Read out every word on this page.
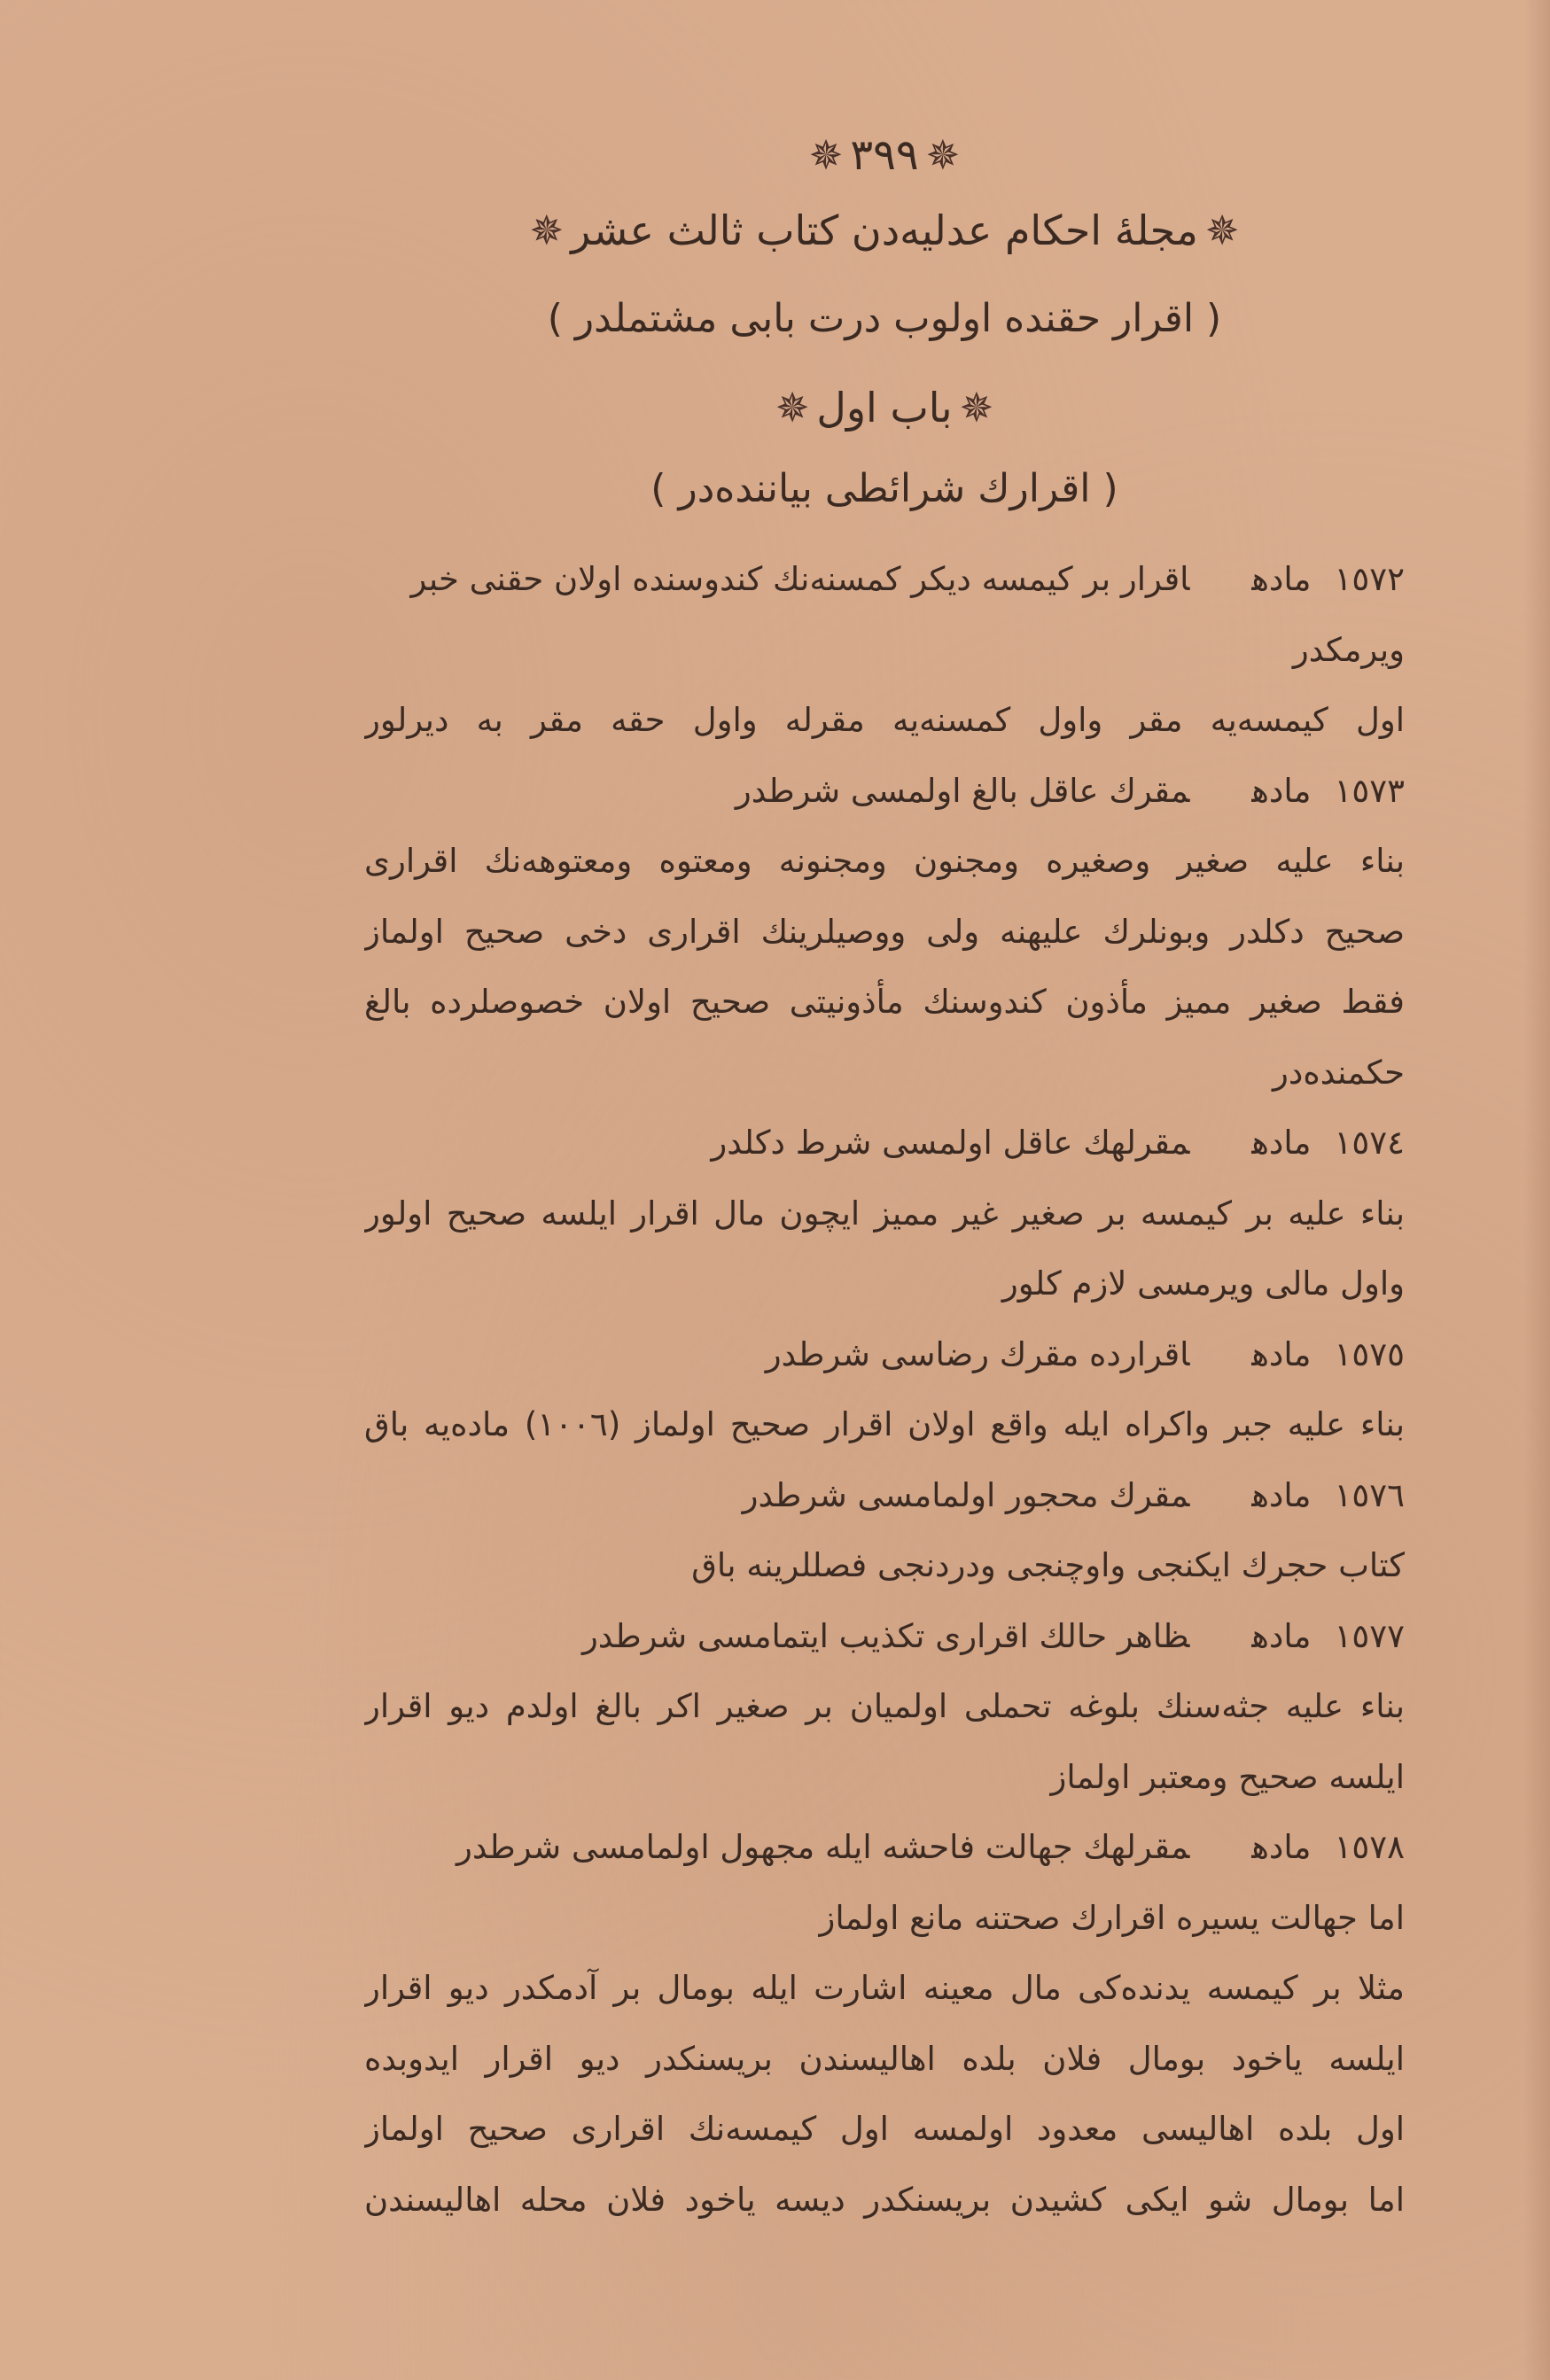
✵٣٩٩✵
✵مجلهٔ احكام عدليه‌دن كتاب ثالث عشر✵
( اقرار حقنده اولوب درت بابى مشتملدر )
✵باب اول✵
( اقرارك شرائطى بياننده‌در )
١٥٧٢مادهاقرار بر كيمسه ديكر كمسنه‌نك كندوسنده اولان حقنى خبر
ويرمكدر
اول كيمسه‌يه مقر واول كمسنه‌يه مقرله واول حقه مقر به ديرلور
١٥٧٣مادهمقرك عاقل بالغ اولمسى شرطدر
بناء عليه صغير وصغيره ومجنون ومجنونه ومعتوه ومعتوهه‌نك اقرارى
صحيح دكلدر وبونلرك عليهنه ولى ووصيلرينك اقرارى دخى صحيح اولماز
فقط صغير مميز مأذون كندوسنك مأذونيتى صحيح اولان خصوصلرده بالغ
حكمنده‌در
١٥٧٤مادهمقرلهك عاقل اولمسى شرط دكلدر
بناء عليه بر كيمسه بر صغير غير مميز ايچون مال اقرار ايلسه صحيح اولور
واول مالى ويرمسى لازم كلور
١٥٧٥مادهاقرارده مقرك رضاسى شرطدر
بناء عليه جبر واكراه ايله واقع اولان اقرار صحيح اولماز (١٠٠٦) ماده‌يه باق
١٥٧٦مادهمقرك محجور اولمامسى شرطدر
كتاب حجرك ايكنجى واوچنجى ودردنجى فصللرينه باق
١٥٧٧مادهظاهر حالك اقرارى تكذيب ايتمامسى شرطدر
بناء عليه جثه‌سنك بلوغه تحملى اولميان بر صغير اكر بالغ اولدم ديو اقرار
ايلسه صحيح ومعتبر اولماز
١٥٧٨مادهمقرلهك جهالت فاحشه ايله مجهول اولمامسى شرطدر
اما جهالت يسيره اقرارك صحتنه مانع اولماز
مثلا بر كيمسه يدنده‌كى مال معينه اشارت ايله بومال بر آدمكدر ديو اقرار
ايلسه ياخود بومال فلان بلده اهاليسندن بريسنكدر ديو اقرار ايدوبده
اول بلده اهاليسى معدود اولمسه اول كيمسه‌نك اقرارى صحيح اولماز
اما بومال شو ايكى كشيدن بريسنكدر ديسه ياخود فلان محله اهاليسندن
